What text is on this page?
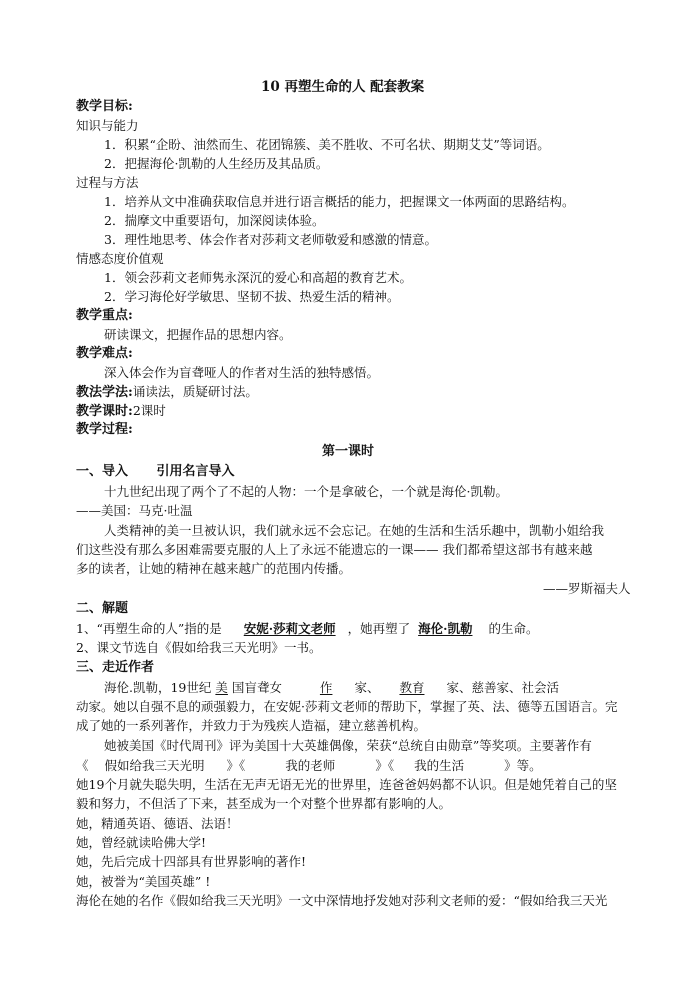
10 再塑生命的人 配套教案
教学目标:
知识与能力
1．积累“企盼、油然而生、花团锦簇、美不胜收、不可名状、期期艾艾”等词语。
2．把握海伦·凯勒的人生经历及其品质。
过程与方法
1．培养从文中准确获取信息并进行语言概括的能力，把握课文一体两面的思路结构。
2．揣摩文中重要语句，加深阅读体验。
3．理性地思考、体会作者对莎莉文老师敬爱和感激的情意。
情感态度价值观
1．领会莎莉文老师隽永深沉的爱心和高超的教育艺术。
2．学习海伦好学敏思、坚韧不拔、热爱生活的精神。
教学重点:
研读课文，把握作品的思想内容。
教学难点:
深入体会作为盲聋哑人的作者对生活的独特感悟。
教法学法:诵读法，质疑研讨法。
教学课时:2课时
教学过程:
第一课时
一、导入 引用名言导入
十九世纪出现了两个了不起的人物：一个是拿破仑，一个就是海伦·凯勒。
——美国：马克·吐温
人类精神的美一旦被认识，我们就永远不会忘记。在她的生活和生活乐趣中，凯勒小姐给我
们这些没有那么多困难需要克服的人上了永远不能遗忘的一课—— 我们都希望这部书有越来越
多的读者，让她的精神在越来越广的范围内传播。
——罗斯福夫人
二、解题
1、“再塑生命的人”指的是 安妮·莎莉文老师 ，她再塑了 海伦·凯勒 的生命。
2、课文节选自《假如给我三天光明》一书。
三、走近作者
海伦.凯勒，19世纪 美 国盲聋女	作 家、 教育 家、慈善家、社会活
动家。她以自强不息的顽强毅力，在安妮·莎莉文老师的帮助下，掌握了英、法、德等五国语言。完
成了她的一系列著作，并致力于为残疾人造福，建立慈善机构。
她被美国《时代周刊》评为美国十大英雄偶像，荣获“总统自由勋章”等奖项。主要著作有
《 假如给我三天光明 》《	我的老师	》《 我的生活	》等。
她19个月就失聪失明，生活在无声无语无光的世界里，连爸爸妈妈都不认识。但是她凭着自己的坚
毅和努力，不但活了下来，甚至成为一个对整个世界都有影响的人。
她，精通英语、德语、法语！
她，曾经就读哈佛大学!
她，先后完成十四部具有世界影响的著作!
她，被誉为“美国英雄” !
海伦在她的名作《假如给我三天光明》一文中深情地抒发她对莎利文老师的爱：“假如给我三天光
